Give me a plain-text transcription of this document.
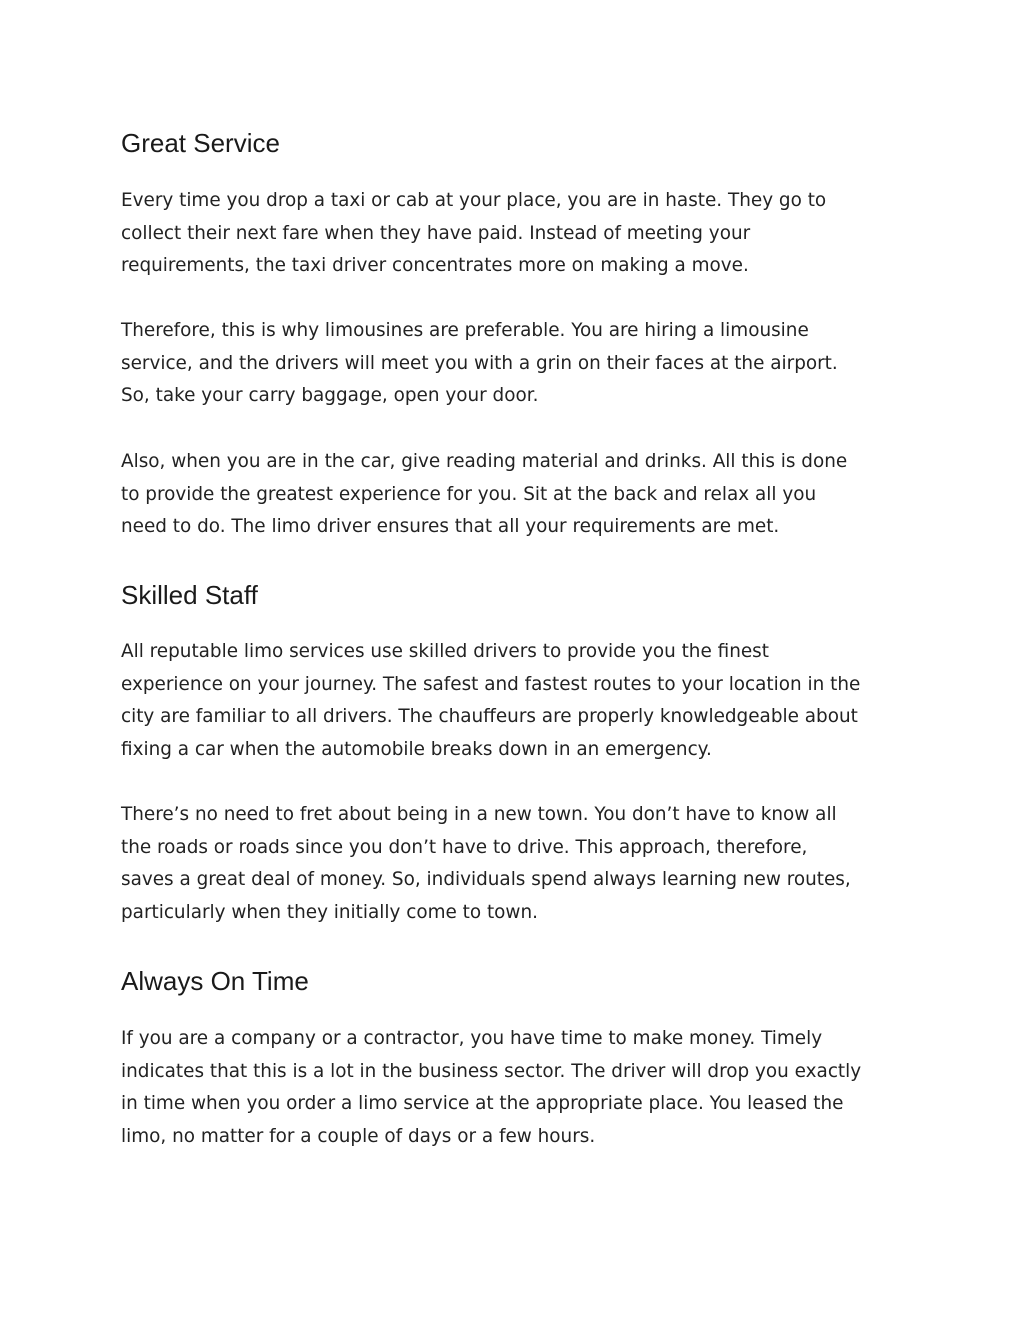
Great Service

Every time you drop a taxi or cab at your place, you are in haste. They go to
collect their next fare when they have paid. Instead of meeting your
requirements, the taxi driver concentrates more on making a move.

Therefore, this is why limousines are preferable. You are hiring a limousine
service, and the drivers will meet you with a grin on their faces at the airport.
So, take your carry baggage, open your door.

Also, when you are in the car, give reading material and drinks. All this is done
to provide the greatest experience for you. Sit at the back and relax all you
need to do. The limo driver ensures that all your requirements are met.

Skilled Staff

All reputable limo services use skilled drivers to provide you the finest
experience on your journey. The safest and fastest routes to your location in the
city are familiar to all drivers. The chauffeurs are properly knowledgeable about
fixing a car when the automobile breaks down in an emergency.

There’s no need to fret about being in a new town. You don’t have to know all
the roads or roads since you don’t have to drive. This approach, therefore,
saves a great deal of money. So, individuals spend always learning new routes,
particularly when they initially come to town.

Always On Time

If you are a company or a contractor, you have time to make money. Timely
indicates that this is a lot in the business sector. The driver will drop you exactly
in time when you order a limo service at the appropriate place. You leased the
limo, no matter for a couple of days or a few hours.
